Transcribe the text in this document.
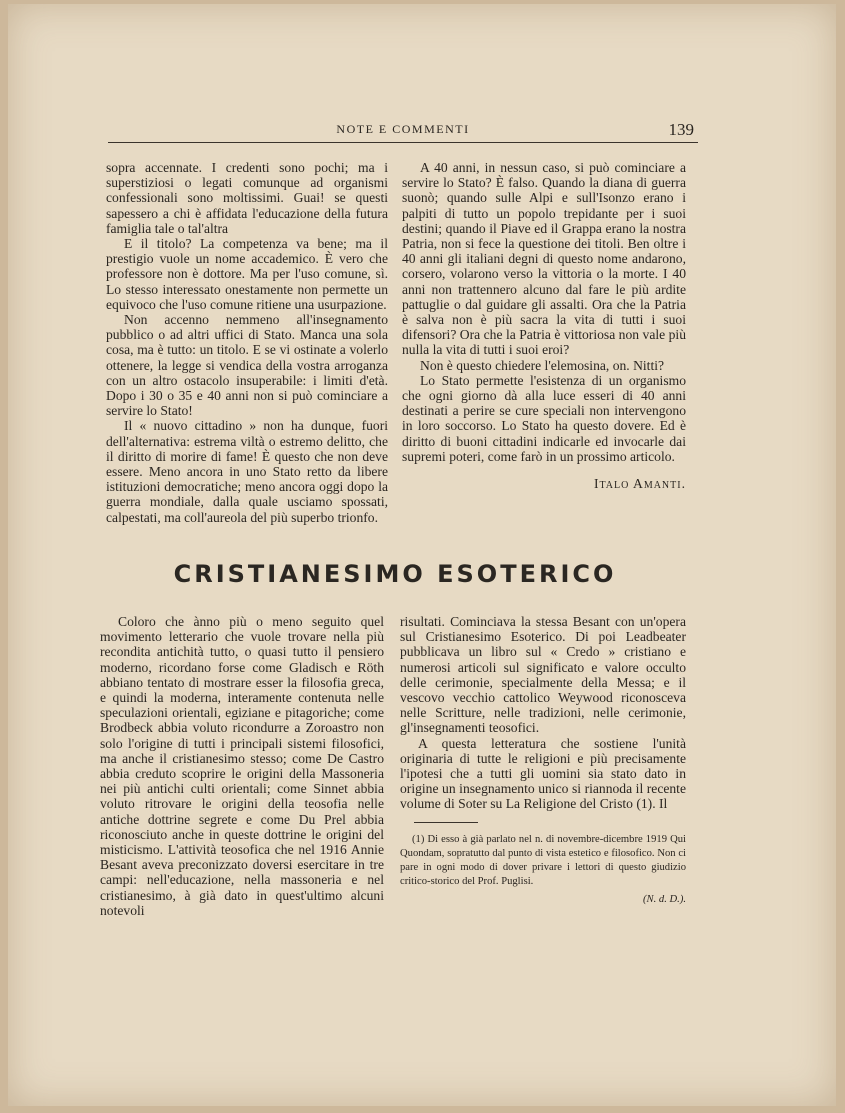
NOTE E COMMENTI	139

sopra accennate. I credenti sono pochi; ma i superstiziosi o legati comunque ad organismi confessionali sono moltissimi. Guai! se questi sapessero a chi è affidata l'educazione della futura famiglia tale o tal'altra

E il titolo? La competenza va bene; ma il prestigio vuole un nome accademico. È vero che professore non è dottore. Ma per l'uso comune, sì. Lo stesso interessato onestamente non permette un equivoco che l'uso comune ritiene una usurpazione.

Non accenno nemmeno all'insegnamento pubblico o ad altri uffici di Stato. Manca una sola cosa, ma è tutto: un titolo. E se vi ostinate a volerlo ottenere, la legge si vendica della vostra arroganza con un altro ostacolo insuperabile: i limiti d'età. Dopo i 30 o 35 e 40 anni non si può cominciare a servire lo Stato!

Il « nuovo cittadino » non ha dunque, fuori dell'alternativa: estrema viltà o estremo delitto, che il diritto di morire di fame! È questo che non deve essere. Meno ancora in uno Stato retto da libere istituzioni democratiche; meno ancora oggi dopo la guerra mondiale, dalla quale usciamo spossati, calpestati, ma coll'aureola del più superbo trionfo.

A 40 anni, in nessun caso, si può cominciare a servire lo Stato? È falso. Quando la diana di guerra suonò; quando sulle Alpi e sull'Isonzo erano i palpiti di tutto un popolo trepidante per i suoi destini; quando il Piave ed il Grappa erano la nostra Patria, non si fece la questione dei titoli. Ben oltre i 40 anni gli italiani degni di questo nome andarono, corsero, volarono verso la vittoria o la morte. I 40 anni non trattennero alcuno dal fare le più ardite pattuglie o dal guidare gli assalti. Ora che la Patria è salva non è più sacra la vita di tutti i suoi difensori? Ora che la Patria è vittoriosa non vale più nulla la vita di tutti i suoi eroi?

Non è questo chiedere l'elemosina, on. Nitti?

Lo Stato permette l'esistenza di un organismo che ogni giorno dà alla luce esseri di 40 anni destinati a perire se cure speciali non intervengono in loro soccorso. Lo Stato ha questo dovere. Ed è diritto di buoni cittadini indicarle ed invocarle dai supremi poteri, come farò in un prossimo articolo.

Italo Amanti.

CRISTIANESIMO ESOTERICO

Coloro che ànno più o meno seguito quel movimento letterario che vuole trovare nella più recondita antichità tutto, o quasi tutto il pensiero moderno, ricordano forse come Gladisch e Röth abbiano tentato di mostrare esser la filosofia greca, e quindi la moderna, interamente contenuta nelle speculazioni orientali, egiziane e pitagoriche; come Brodbeck abbia voluto ricondurre a Zoroastro non solo l'origine di tutti i principali sistemi filosofici, ma anche il cristianesimo stesso; come De Castro abbia creduto scoprire le origini della Massoneria nei più antichi culti orientali; come Sinnet abbia voluto ritrovare le origini della teosofia nelle antiche dottrine segrete e come Du Prel abbia riconosciuto anche in queste dottrine le origini del misticismo. L'attività teosofica che nel 1916 Annie Besant aveva preconizzato doversi esercitare in tre campi: nell'educazione, nella massoneria e nel cristianesimo, à già dato in quest'ultimo alcuni notevoli

risultati. Cominciava la stessa Besant con un'opera sul Cristianesimo Esoterico. Di poi Leadbeater pubblicava un libro sul « Credo » cristiano e numerosi articoli sul significato e valore occulto delle cerimonie, specialmente della Messa; e il vescovo vecchio cattolico Weywood riconosceva nelle Scritture, nelle tradizioni, nelle cerimonie, gl'insegnamenti teosofici.

A questa letteratura che sostiene l'unità originaria di tutte le religioni e più precisamente l'ipotesi che a tutti gli uomini sia stato dato in origine un insegnamento unico si riannoda il recente volume di Soter su La Religione del Cristo (1). Il

(1) Di esso à già parlato nel n. di novembre-dicembre 1919 Qui Quondam, sopratutto dal punto di vista estetico e filosofico. Non ci pare in ogni modo di dover privare i lettori di questo giudizio critico-storico del Prof. Puglisi.

(N. d. D.).
